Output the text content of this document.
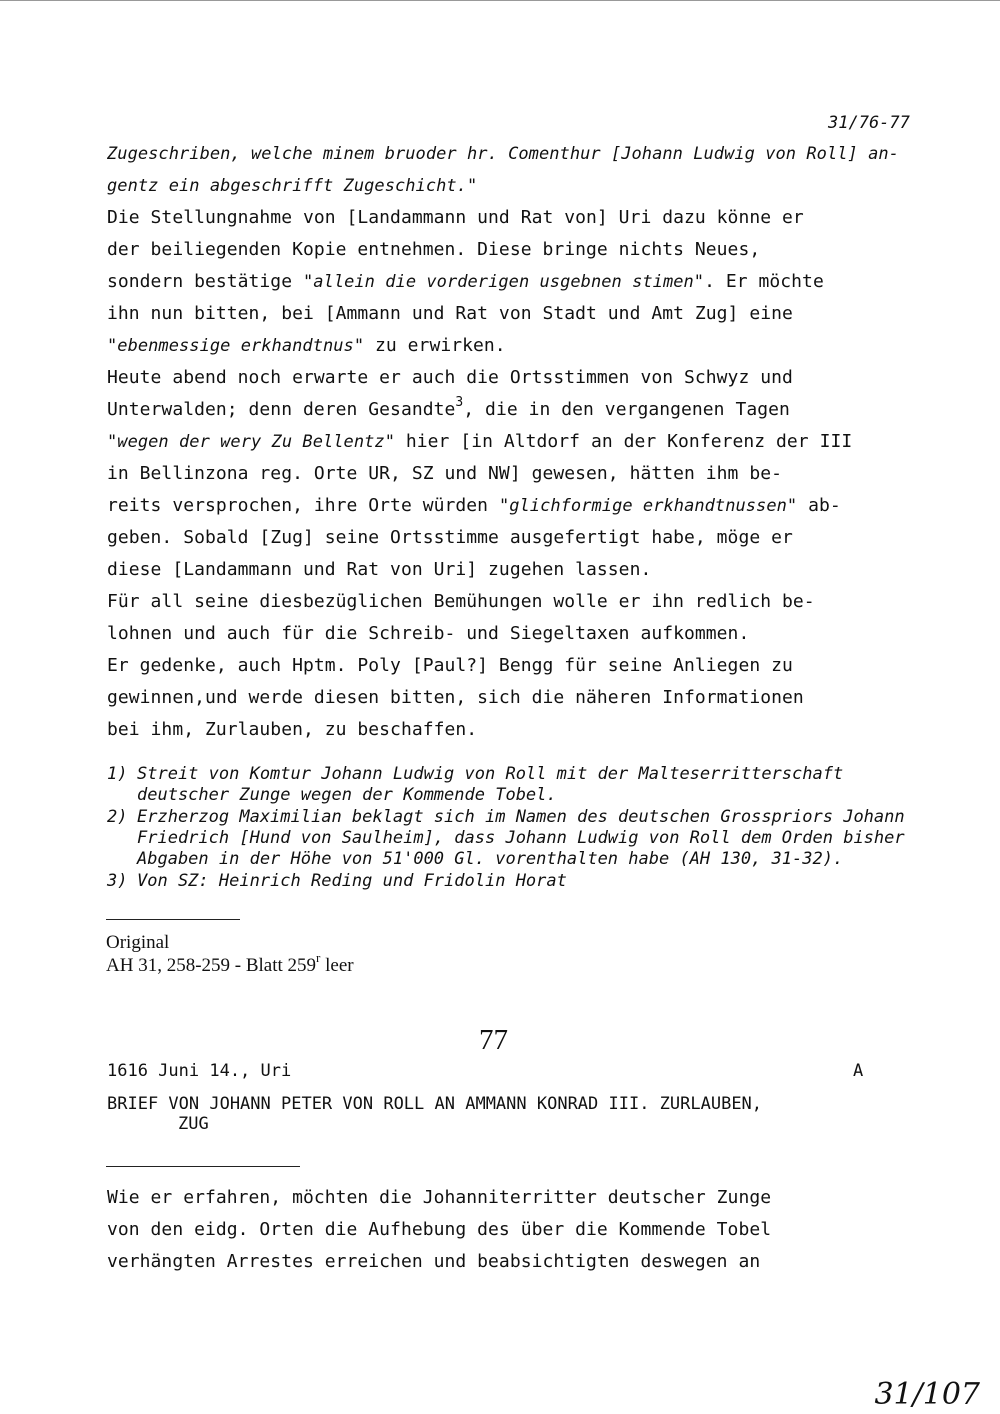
31/76-77
Zugeschriben, welche minem bruoder hr. Comenthur [Johann Ludwig von Roll] an-
gentz ein abgeschrifft Zugeschicht."
Die Stellungnahme von [Landammann und Rat von] Uri dazu könne er
der beiliegenden Kopie entnehmen. Diese bringe nichts Neues,
sondern bestätige "allein die vorderigen usgebnen stimen". Er möchte
ihn nun bitten, bei [Ammann und Rat von Stadt und Amt Zug] eine
"ebenmessige erkhandtnus" zu erwirken.
Heute abend noch erwarte er auch die Ortsstimmen von Schwyz und
Unterwalden; denn deren Gesandte$^3$, die in den vergangenen Tagen
"wegen der wery Zu Bellentz" hier [in Altdorf an der Konferenz der III
in Bellinzona reg. Orte UR, SZ und NW] gewesen, hätten ihm be-
reits versprochen, ihre Orte würden "glichformige erkhandtnussen" ab-
geben. Sobald [Zug] seine Ortsstimme ausgefertigt habe, möge er
diese [Landammann und Rat von Uri] zugehen lassen.
Für all seine diesbezüglichen Bemühungen wolle er ihn redlich be-
lohnen und auch für die Schreib- und Siegeltaxen aufkommen.
Er gedenke, auch Hptm. Poly [Paul?] Bengg für seine Anliegen zu
gewinnen,und werde diesen bitten, sich die näheren Informationen
bei ihm, Zurlauben, zu beschaffen.
1) Streit von Komtur Johann Ludwig von Roll mit der Malteserritterschaft
deutscher Zunge wegen der Kommende Tobel.
2) Erzherzog Maximilian beklagt sich im Namen des deutschen Grosspriors Johann
Friedrich [Hund von Saulheim], dass Johann Ludwig von Roll dem Orden bisher
Abgaben in der Höhe von 51'000 Gl. vorenthalten habe (AH 130, 31-32).
3) Von SZ: Heinrich Reding und Fridolin Horat
Original
AH 31, 258-259 - Blatt 259$^r$ leer
77
1616 Juni 14., Uri	A
BRIEF VON JOHANN PETER VON ROLL AN AMMANN KONRAD III. ZURLAUBEN,
ZUG
Wie er erfahren, möchten die Johanniterritter deutscher Zunge
von den eidg. Orten die Aufhebung des über die Kommende Tobel
verhängten Arrestes erreichen und beabsichtigten deswegen an
31/107
